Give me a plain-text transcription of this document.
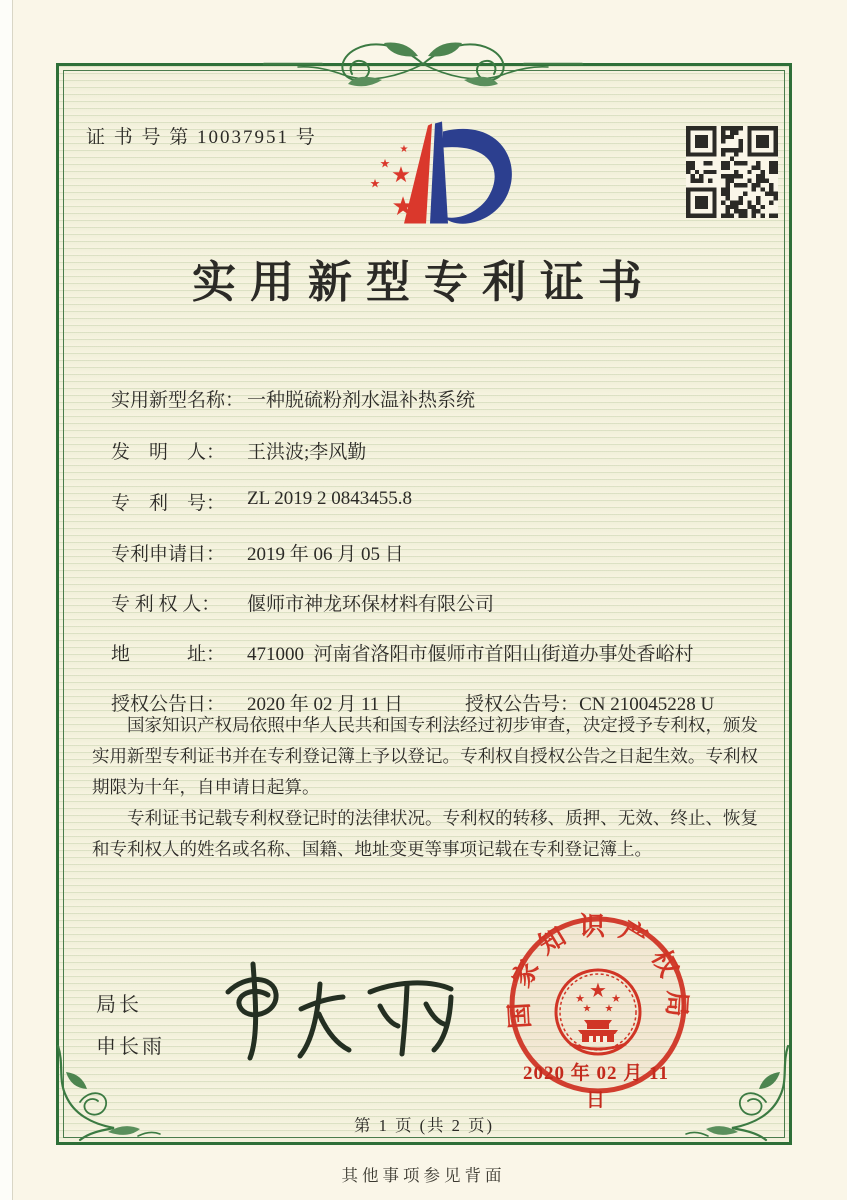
证 书 号 第 10037951 号
★
★
★
★
★
实用新型专利证书

实用新型名称： 一种脱硫粉剂水温补热系统

发　明　人： 王洪波;李风勤

专　利　号： ZL 2019 2 0843455.8

专利申请日： 2019 年 06 月 05 日

专 利 权 人： 偃师市神龙环保材料有限公司

地　　　址： 471000  河南省洛阳市偃师市首阳山街道办事处香峪村

授权公告日： 2020 年 02 月 11 日	授权公告号：CN 210045228 U

国家知识产权局依照中华人民共和国专利法经过初步审查，决定授予专利权，颁发实用新型专利证书并在专利登记簿上予以登记。专利权自授权公告之日起生效。专利权期限为十年，自申请日起算。

专利证书记载专利权登记时的法律状况。专利权的转移、质押、无效、终止、恢复和专利权人的姓名或名称、国籍、地址变更等事项记载在专利登记簿上。

局长
申长雨
国家知识产权局
★
★ ★
★ ★
2020 年 02 月 11 日
第 1 页 (共 2 页)
其他事项参见背面
